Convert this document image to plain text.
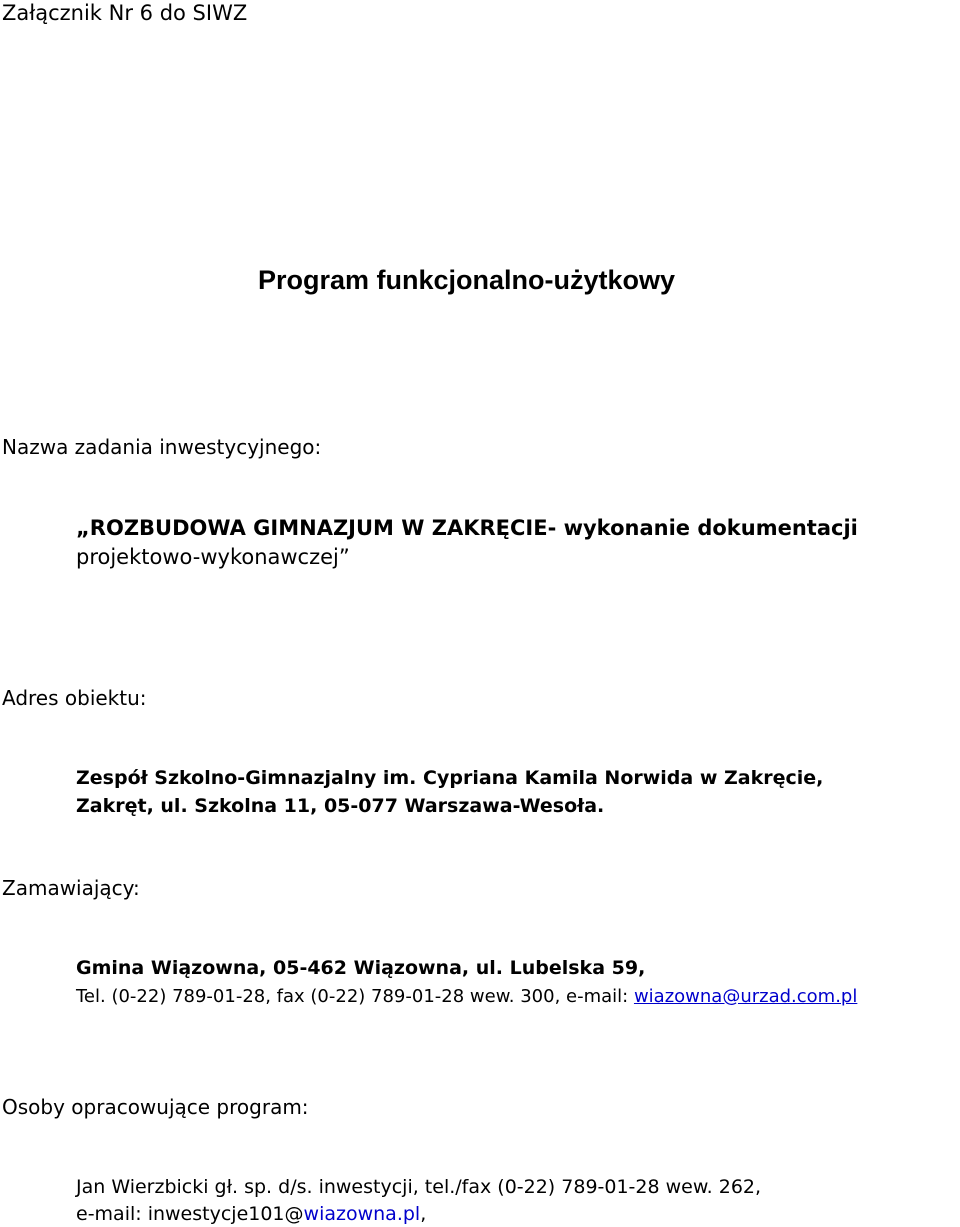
Załącznik Nr 6 do SIWZ

Program funkcjonalno-użytkowy

Nazwa zadania inwestycyjnego:

„ROZBUDOWA GIMNAZJUM W ZAKRĘCIE- wykonanie dokumentacji

projektowo-wykonawczej”

Adres obiektu:

Zespół Szkolno-Gimnazjalny im. Cypriana Kamila Norwida w Zakręcie,

Zakręt, ul. Szkolna 11, 05-077 Warszawa-Wesoła.

Zamawiający:

Gmina Wiązowna, 05-462 Wiązowna, ul. Lubelska 59,

Tel. (0-22) 789-01-28, fax (0-22) 789-01-28 wew. 300, e-mail: wiazowna@urzad.com.pl

Osoby opracowujące program:

Jan Wierzbicki gł. sp. d/s. inwestycji, tel./fax (0-22) 789-01-28 wew. 262,

e-mail: inwestycje101@wiazowna.pl,
